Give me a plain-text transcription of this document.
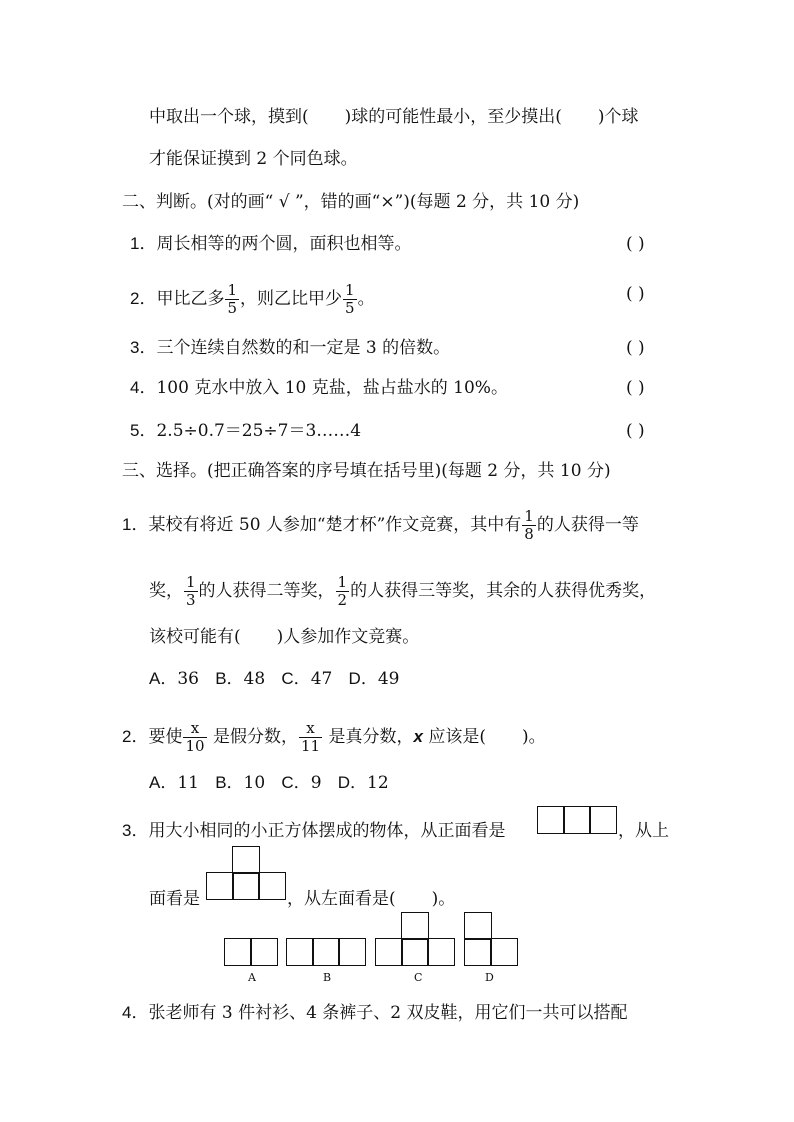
中取出一个球，摸到( )球的可能性最小，至少摸出( )个球
才能保证摸到 2 个同色球。
二、判断。(对的画“ √ ”，错的画“×”)(每题 2 分，共 10 分)
1．周长相等的两个圆，面积也相等。	( )
2．甲比乙多 $\frac{1}{5}$ ，则乙比甲少 $\frac{1}{5}$ 。	( )
3．三个连续自然数的和一定是 3 的倍数。	( )
4．100 克水中放入 10 克盐，盐占盐水的 10%。	( )
5．2.5÷0.7＝25÷7＝3……4	( )
三、选择。(把正确答案的序号填在括号里)(每题 2 分，共 10 分)
1．某校有将近 50 人参加“楚才杯”作文竞赛，其中有 $\frac{1}{8}$ 的人获得一等
奖， $\frac{1}{3}$ 的人获得二等奖， $\frac{1}{2}$ 的人获得三等奖，其余的人获得优秀奖，
该校可能有( )人参加作文竞赛。
A．36 B．48 C．47 D．49
2．要使 $\frac{x}{10}$ 是假分数， $\frac{x}{11}$ 是真分数，x 应该是( )。
A．11 B．10 C．9 D．12
3．用大小相同的小正方体摆成的物体，从正面看是	，从上
面看是	，从左面看是( )。
A	B	C	D
4．张老师有 3 件衬衫、4 条裤子、2 双皮鞋，用它们一共可以搭配
